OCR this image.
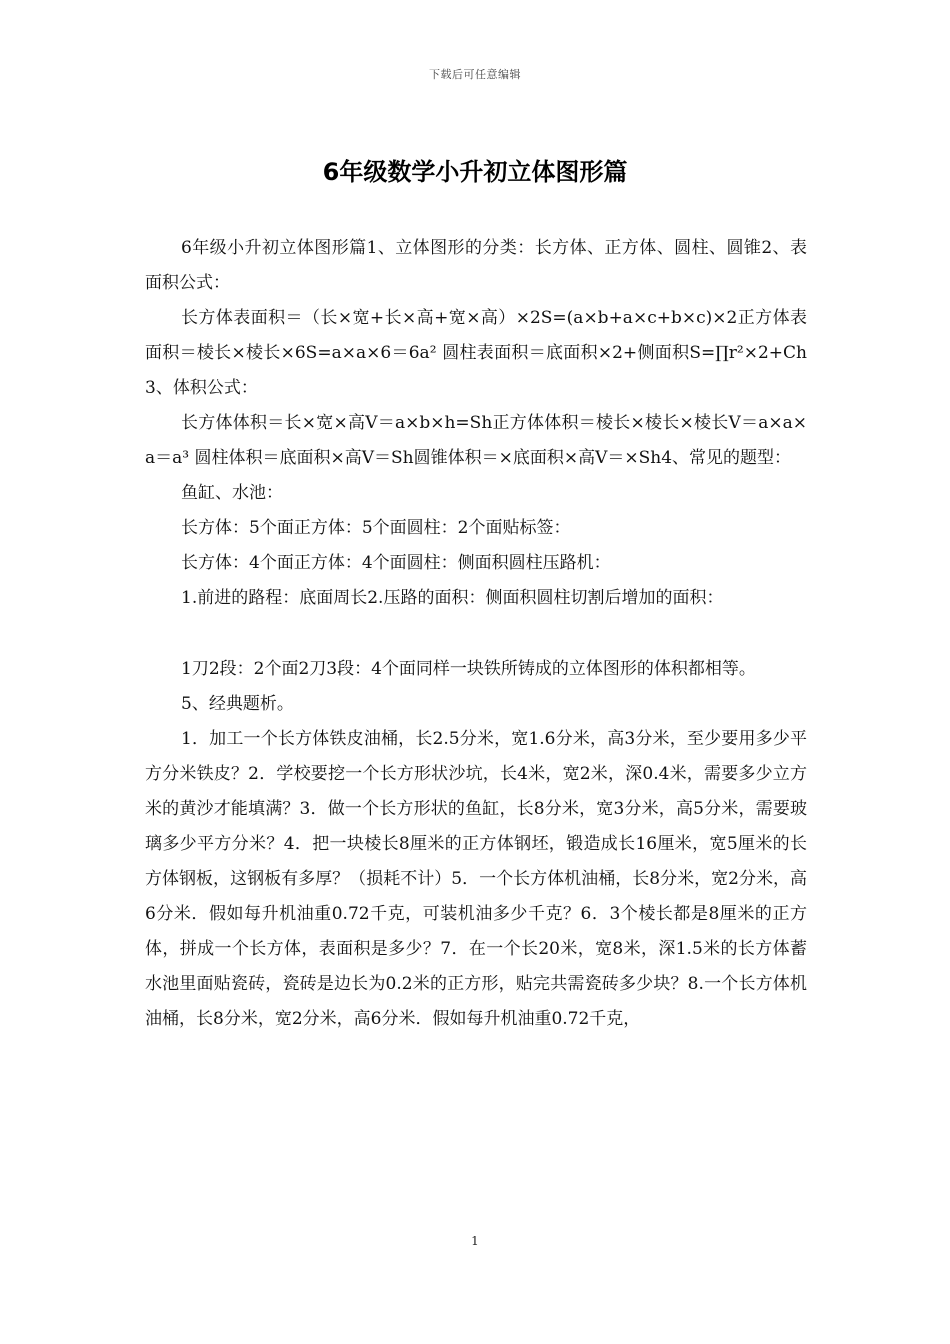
下载后可任意编辑
6年级数学小升初立体图形篇

6年级小升初立体图形篇1、立体图形的分类：长方体、正方体、圆柱、圆锥2、表面积公式：

长方体表面积＝（长×宽+长×高+宽×高）×2S=(a×b+a×c+b×c)×2正方体表面积＝棱长×棱长×6S=a×a×6＝6a² 圆柱表面积＝底面积×2+侧面积S=∏r²×2+Ch3、体积公式：

长方体体积＝长×宽×高V＝a×b×h=Sh正方体体积＝棱长×棱长×棱长V＝a×a×a＝a³ 圆柱体积＝底面积×高V＝Sh圆锥体积＝×底面积×高V＝×Sh4、常见的题型：

鱼缸、水池：

长方体：5个面正方体：5个面圆柱：2个面贴标签：

长方体：4个面正方体：4个面圆柱：侧面积圆柱压路机：

1.前进的路程：底面周长2.压路的面积：侧面积圆柱切割后增加的面积：

1刀2段：2个面2刀3段：4个面同样一块铁所铸成的立体图形的体积都相等。

5、经典题析。

1．加工一个长方体铁皮油桶，长2.5分米，宽1.6分米，高3分米，至少要用多少平方分米铁皮？2．学校要挖一个长方形状沙坑，长4米，宽2米，深0.4米，需要多少立方米的黄沙才能填满？3．做一个长方形状的鱼缸，长8分米，宽3分米，高5分米，需要玻璃多少平方分米？4．把一块棱长8厘米的正方体钢坯，锻造成长16厘米，宽5厘米的长方体钢板，这钢板有多厚？（损耗不计）5．一个长方体机油桶，长8分米，宽2分米，高6分米．假如每升机油重0.72千克，可装机油多少千克？6．3个棱长都是8厘米的正方体，拼成一个长方体，表面积是多少？7．在一个长20米，宽8米，深1.5米的长方体蓄水池里面贴瓷砖，瓷砖是边长为0.2米的正方形，贴完共需瓷砖多少块？8.一个长方体机油桶，长8分米，宽2分米，高6分米．假如每升机油重0.72千克，

1
